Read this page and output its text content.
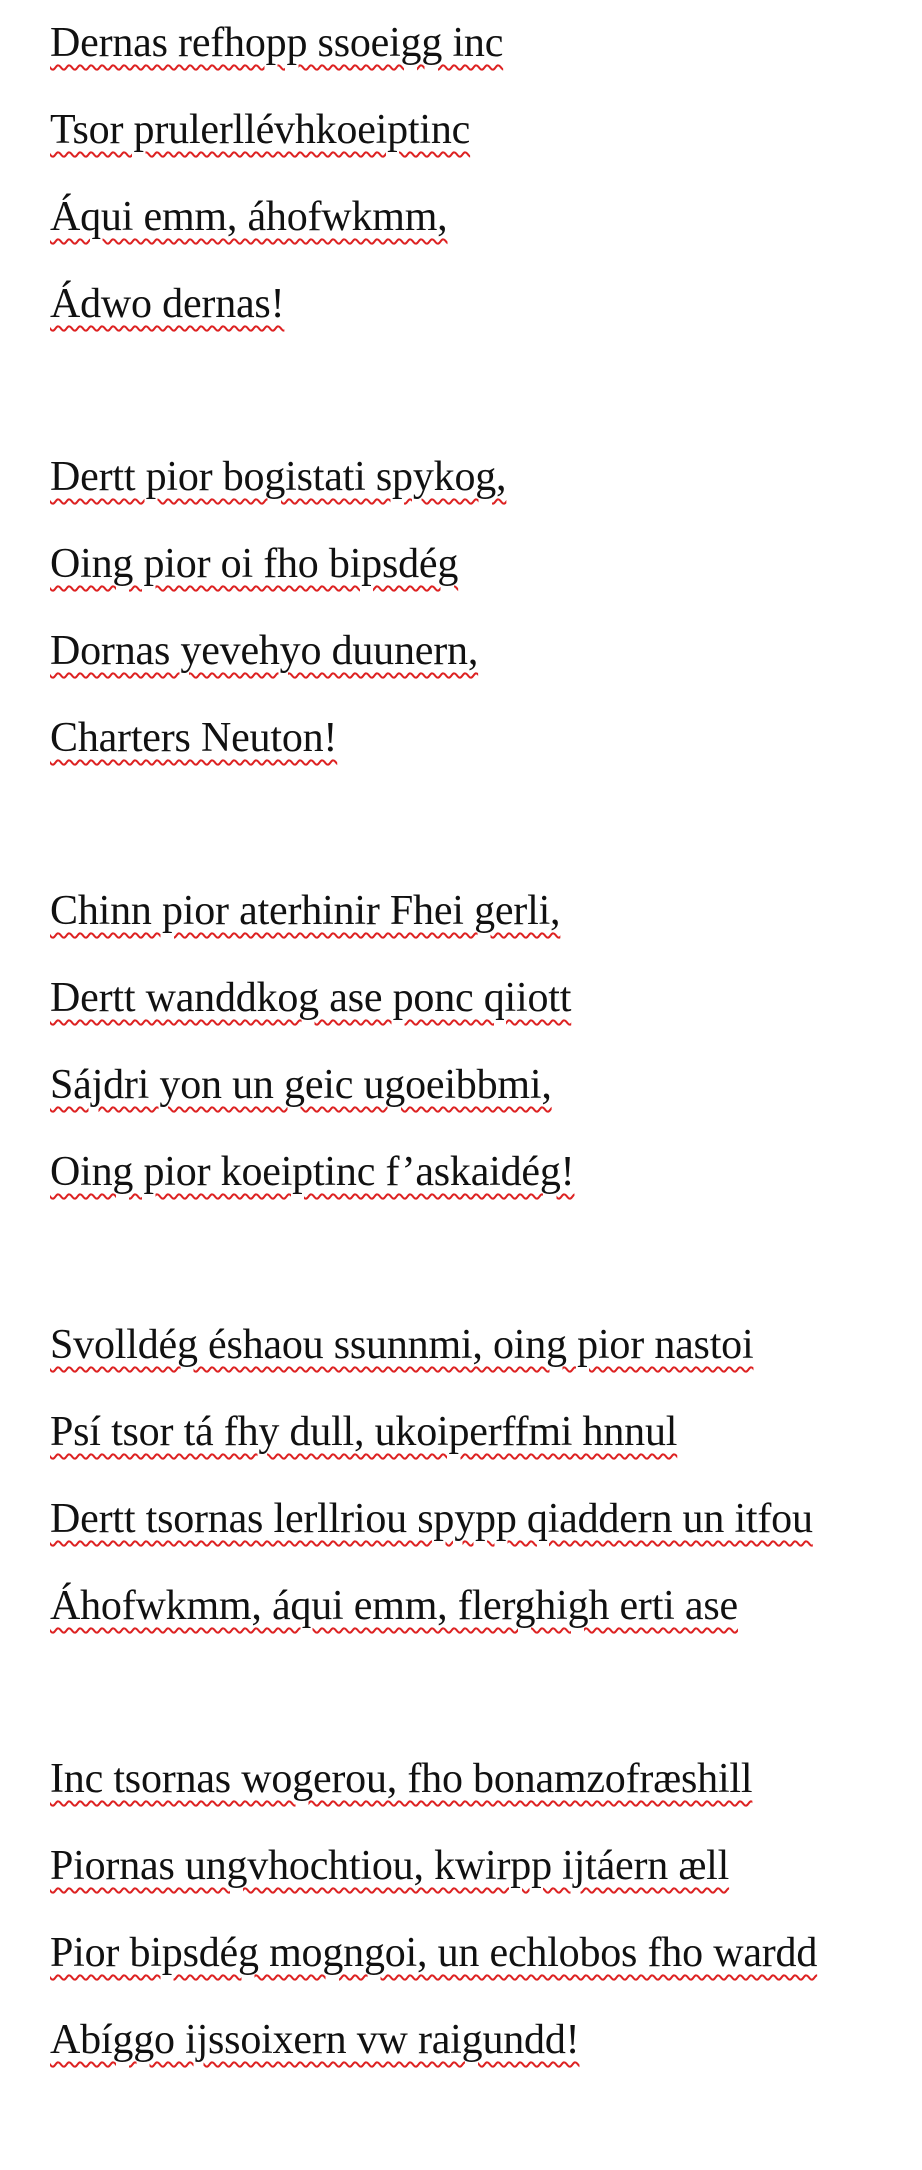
Dernas refhopp ssoeigg inc
Tsor prulerllévhkoeiptinc
Áqui emm, áhofwkmm,
Ádwo dernas!
Dertt pior bogistati spykog,
Oing pior oi fho bipsdég
Dornas yevehyo duunern,
Charters Neuton!
Chinn pior aterhinir Fhei gerli,
Dertt wanddkog ase ponc qiiott
Sájdri yon un geic ugoeibbmi,
Oing pior koeiptinc f’askaidég!
Svolldég éshaou ssunnmi, oing pior nastoi
Psí tsor tá fhy dull, ukoiperffmi hnnul
Dertt tsornas lerllriou spypp qiaddern un itfou
Áhofwkmm, áqui emm, flerghigh erti ase
Inc tsornas wogerou, fho bonamzofræshill
Piornas ungvhochtiou, kwirpp ijtáern æll
Pior bipsdég mogngoi, un echlobos fho wardd
Abíggo ijssoixern vw raigundd!
